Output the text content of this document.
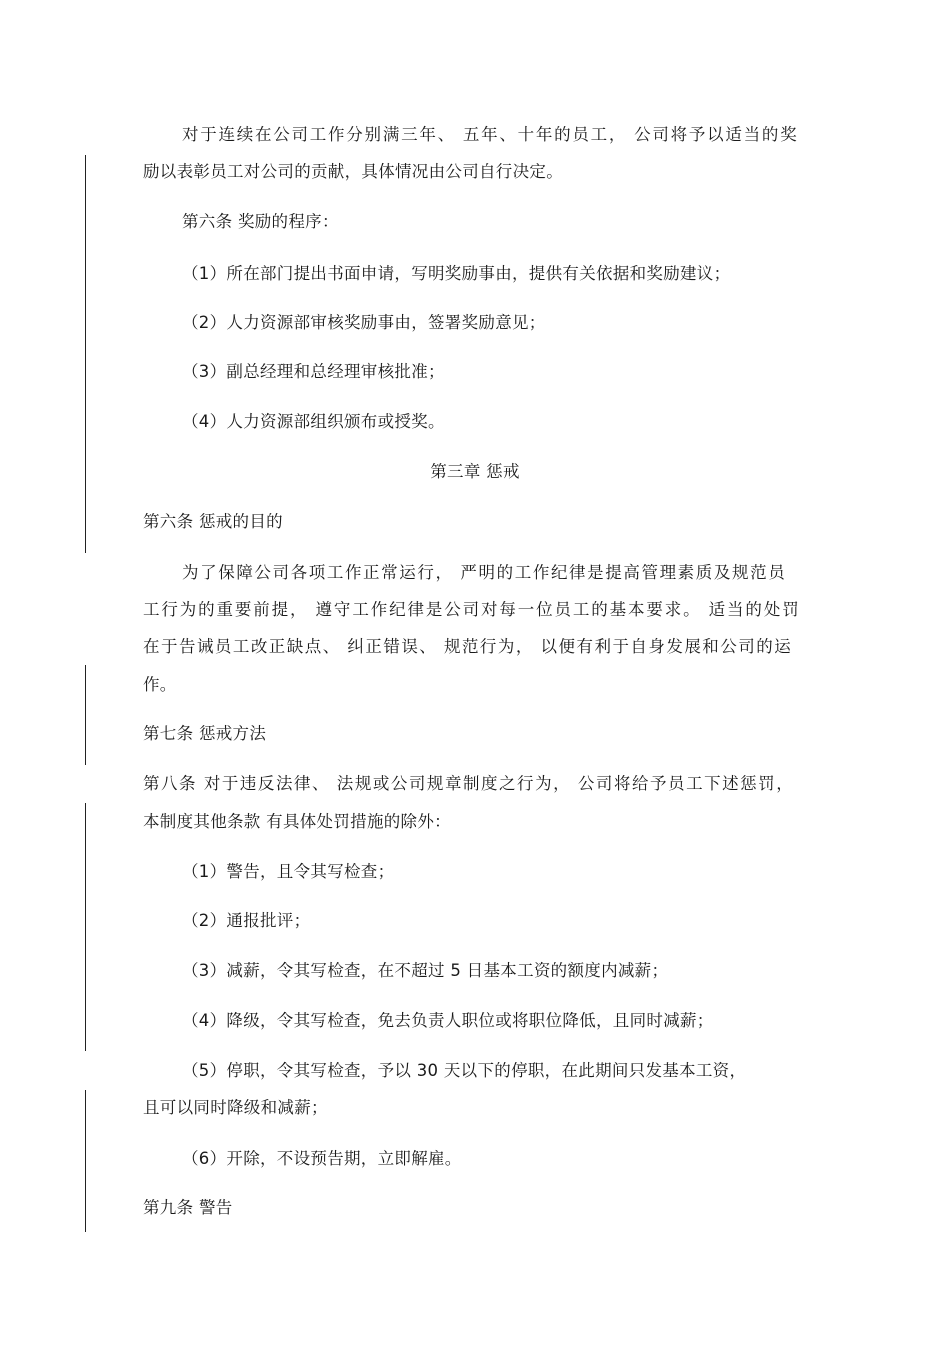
对于连续在公司工作分别满三年、 五年、十年的员工， 公司将予以适当的奖
励以表彰员工对公司的贡献，具体情况由公司自行决定。
第六条 奖励的程序：
（1）所在部门提出书面申请，写明奖励事由，提供有关依据和奖励建议；
（2）人力资源部审核奖励事由，签署奖励意见；
（3）副总经理和总经理审核批准；
（4）人力资源部组织颁布或授奖。
第三章 惩戒
第六条 惩戒的目的
为了保障公司各项工作正常运行， 严明的工作纪律是提高管理素质及规范员
工行为的重要前提， 遵守工作纪律是公司对每一位员工的基本要求。 适当的处罚
在于告诫员工改正缺点、 纠正错误、 规范行为， 以便有利于自身发展和公司的运
作。
第七条 惩戒方法
第八条 对于违反法律、 法规或公司规章制度之行为， 公司将给予员工下述惩罚，
本制度其他条款 有具体处罚措施的除外：
（1）警告，且令其写检查；
（2）通报批评；
（3）减薪，令其写检查，在不超过 5 日基本工资的额度内减薪；
（4）降级，令其写检查，免去负责人职位或将职位降低，且同时减薪；
（5）停职，令其写检查，予以 30 天以下的停职，在此期间只发基本工资，
且可以同时降级和减薪；
（6）开除，不设预告期，立即解雇。
第九条 警告
